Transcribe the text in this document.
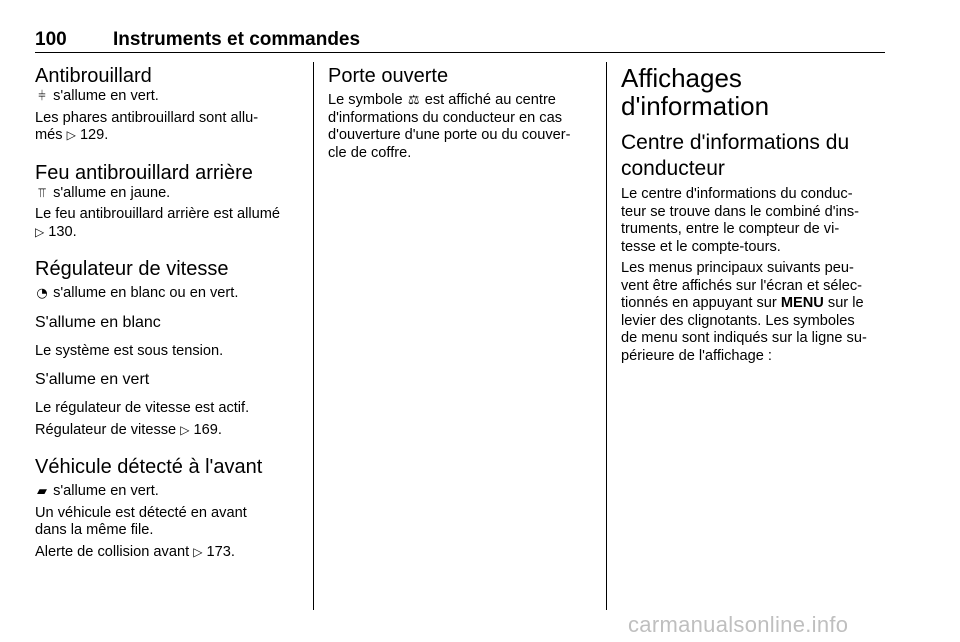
100 Instruments et commandes
Antibrouillard

⫩ s'allume en vert.

Les phares antibrouillard sont allu-
més ▷ 129.

Feu antibrouillard arrière

⫪ s'allume en jaune.

Le feu antibrouillard arrière est allumé
▷ 130.

Régulateur de vitesse

◔ s'allume en blanc ou en vert.

S'allume en blanc

Le système est sous tension.

S'allume en vert

Le régulateur de vitesse est actif.

Régulateur de vitesse ▷ 169.

Véhicule détecté à l'avant

▰ s'allume en vert.

Un véhicule est détecté en avant
dans la même file.

Alerte de collision avant ▷ 173.

Porte ouverte

Le symbole ⚖ est affiché au centre
d'informations du conducteur en cas
d'ouverture d'une porte ou du couver-
cle de coffre.

Affichages
d'information
Centre d'informations du
conducteur

Le centre d'informations du conduc-
teur se trouve dans le combiné d'ins-
truments, entre le compteur de vi-
tesse et le compte-tours.

Les menus principaux suivants peu-
vent être affichés sur l'écran et sélec-
tionnés en appuyant sur MENU sur le
levier des clignotants. Les symboles
de menu sont indiqués sur la ligne su-
périeure de l'affichage :

carmanualsonline.info
